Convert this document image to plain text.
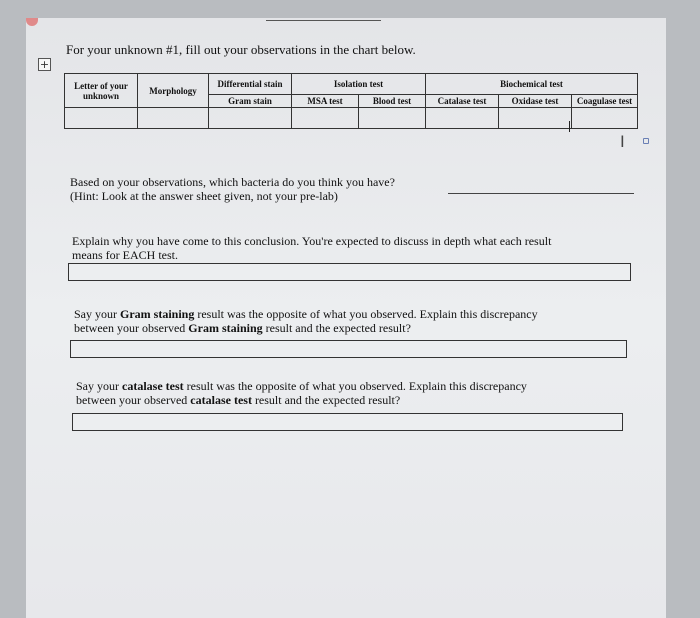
+
For your unknown #1, fill out your observations in the chart below.
Letter of your unknown	Morphology	Differential stain	Isolation test		Biochemical test		
		Gram stain	MSA test	Blood test	Catalase test	Oxidase test	Coagulase test

I
Based on your observations, which bacteria do you think you have?
(Hint: Look at the answer sheet given, not your pre-lab)
Explain why you have come to this conclusion. You're expected to discuss in depth what each result
means for EACH test.
Say your Gram staining result was the opposite of what you observed. Explain this discrepancy
between your observed Gram staining result and the expected result?
Say your catalase test result was the opposite of what you observed. Explain this discrepancy
between your observed catalase test result and the expected result?
